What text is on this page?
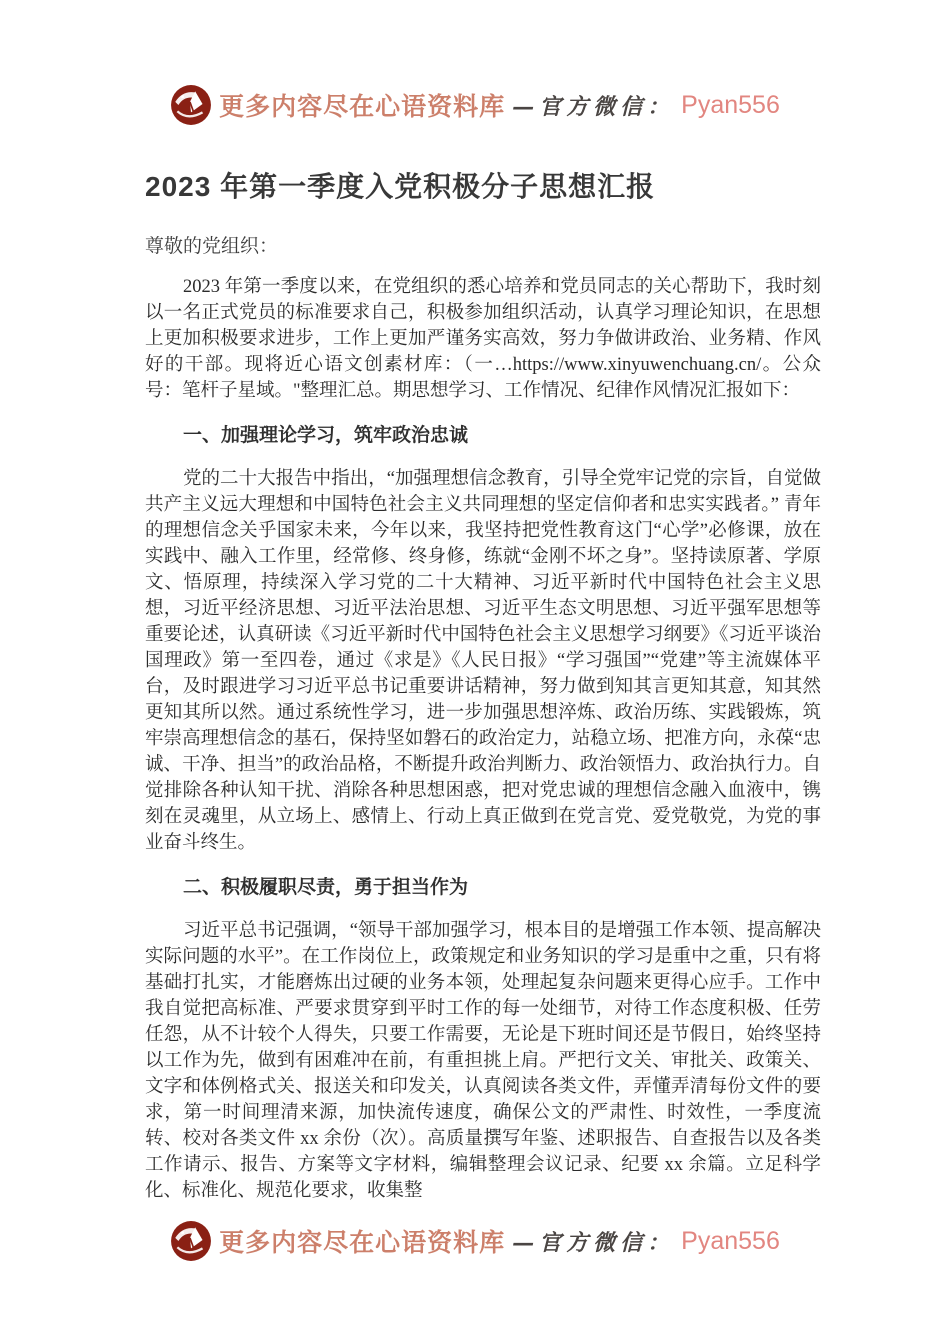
更多内容尽在心语资料库 —官方微信： Pyan556
2023 年第一季度入党积极分子思想汇报

尊敬的党组织：

2023 年第一季度以来，在党组织的悉心培养和党员同志的关心帮助下，我时刻以一名正式党员的标准要求自己，积极参加组织活动，认真学习理论知识，在思想上更加积极要求进步，工作上更加严谨务实高效，努力争做讲政治、业务精、作风好的干部。现将近心语文创素材库：（一…https://www.xinyuwenchuang.cn/。公众号：笔杆子星域。"整理汇总。期思想学习、工作情况、纪律作风情况汇报如下：

一、加强理论学习，筑牢政治忠诚

党的二十大报告中指出，“加强理想信念教育，引导全党牢记党的宗旨，自觉做共产主义远大理想和中国特色社会主义共同理想的坚定信仰者和忠实实践者。” 青年的理想信念关乎国家未来，今年以来，我坚持把党性教育这门“心学”必修课，放在实践中、融入工作里，经常修、终身修，练就“金刚不坏之身”。坚持读原著、学原文、悟原理，持续深入学习党的二十大精神、习近平新时代中国特色社会主义思想，习近平经济思想、习近平法治思想、习近平生态文明思想、习近平强军思想等重要论述，认真研读《习近平新时代中国特色社会主义思想学习纲要》《习近平谈治国理政》第一至四卷，通过《求是》《人民日报》“学习强国”“党建”等主流媒体平台，及时跟进学习习近平总书记重要讲话精神，努力做到知其言更知其意，知其然更知其所以然。通过系统性学习，进一步加强思想淬炼、政治历练、实践锻炼，筑牢崇高理想信念的基石，保持坚如磐石的政治定力，站稳立场、把准方向，永葆“忠诚、干净、担当”的政治品格，不断提升政治判断力、政治领悟力、政治执行力。自觉排除各种认知干扰、消除各种思想困惑，把对党忠诚的理想信念融入血液中，镌刻在灵魂里，从立场上、感情上、行动上真正做到在党言党、爱党敬党，为党的事业奋斗终生。

二、积极履职尽责，勇于担当作为

习近平总书记强调，“领导干部加强学习，根本目的是增强工作本领、提高解决实际问题的水平”。在工作岗位上，政策规定和业务知识的学习是重中之重，只有将基础打扎实，才能磨炼出过硬的业务本领，处理起复杂问题来更得心应手。工作中我自觉把高标准、严要求贯穿到平时工作的每一处细节，对待工作态度积极、任劳任怨，从不计较个人得失，只要工作需要，无论是下班时间还是节假日，始终坚持以工作为先，做到有困难冲在前，有重担挑上肩。严把行文关、审批关、政策关、文字和体例格式关、报送关和印发关，认真阅读各类文件，弄懂弄清每份文件的要求，第一时间理清来源，加快流传速度，确保公文的严肃性、时效性，一季度流转、校对各类文件 xx 余份（次）。高质量撰写年鉴、述职报告、自查报告以及各类工作请示、报告、方案等文字材料，编辑整理会议记录、纪要 xx 余篇。立足科学化、标准化、规范化要求，收集整

更多内容尽在心语资料库 —官方微信： Pyan556
